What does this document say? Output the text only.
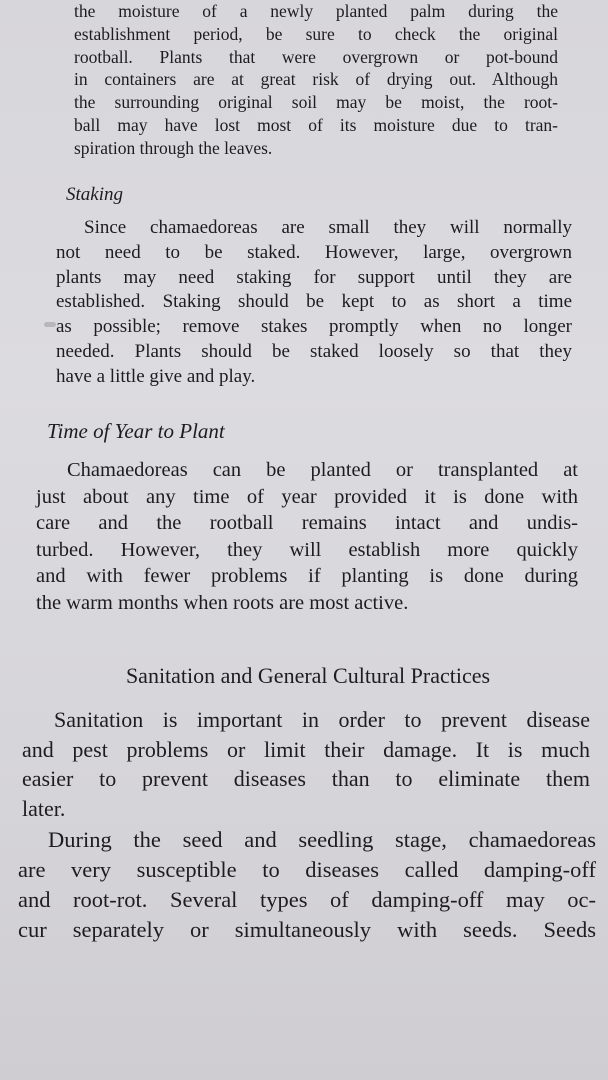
the moisture of a newly planted palm during the
establishment period, be sure to check the original
rootball. Plants that were overgrown or pot-bound
in containers are at great risk of drying out. Although
the surrounding original soil may be moist, the root-
ball may have lost most of its moisture due to tran-
spiration through the leaves.
Staking
Since chamaedoreas are small they will normally
not need to be staked. However, large, overgrown
plants may need staking for support until they are
established. Staking should be kept to as short a time
as possible; remove stakes promptly when no longer
needed. Plants should be staked loosely so that they
have a little give and play.
Time of Year to Plant
Chamaedoreas can be planted or transplanted at
just about any time of year provided it is done with
care and the rootball remains intact and undis-
turbed. However, they will establish more quickly
and with fewer problems if planting is done during
the warm months when roots are most active.
Sanitation and General Cultural Practices
Sanitation is important in order to prevent disease
and pest problems or limit their damage. It is much
easier to prevent diseases than to eliminate them
later.
During the seed and seedling stage, chamaedoreas
are very susceptible to diseases called damping-off
and root-rot. Several types of damping-off may oc-
cur separately or simultaneously with seeds. Seeds
